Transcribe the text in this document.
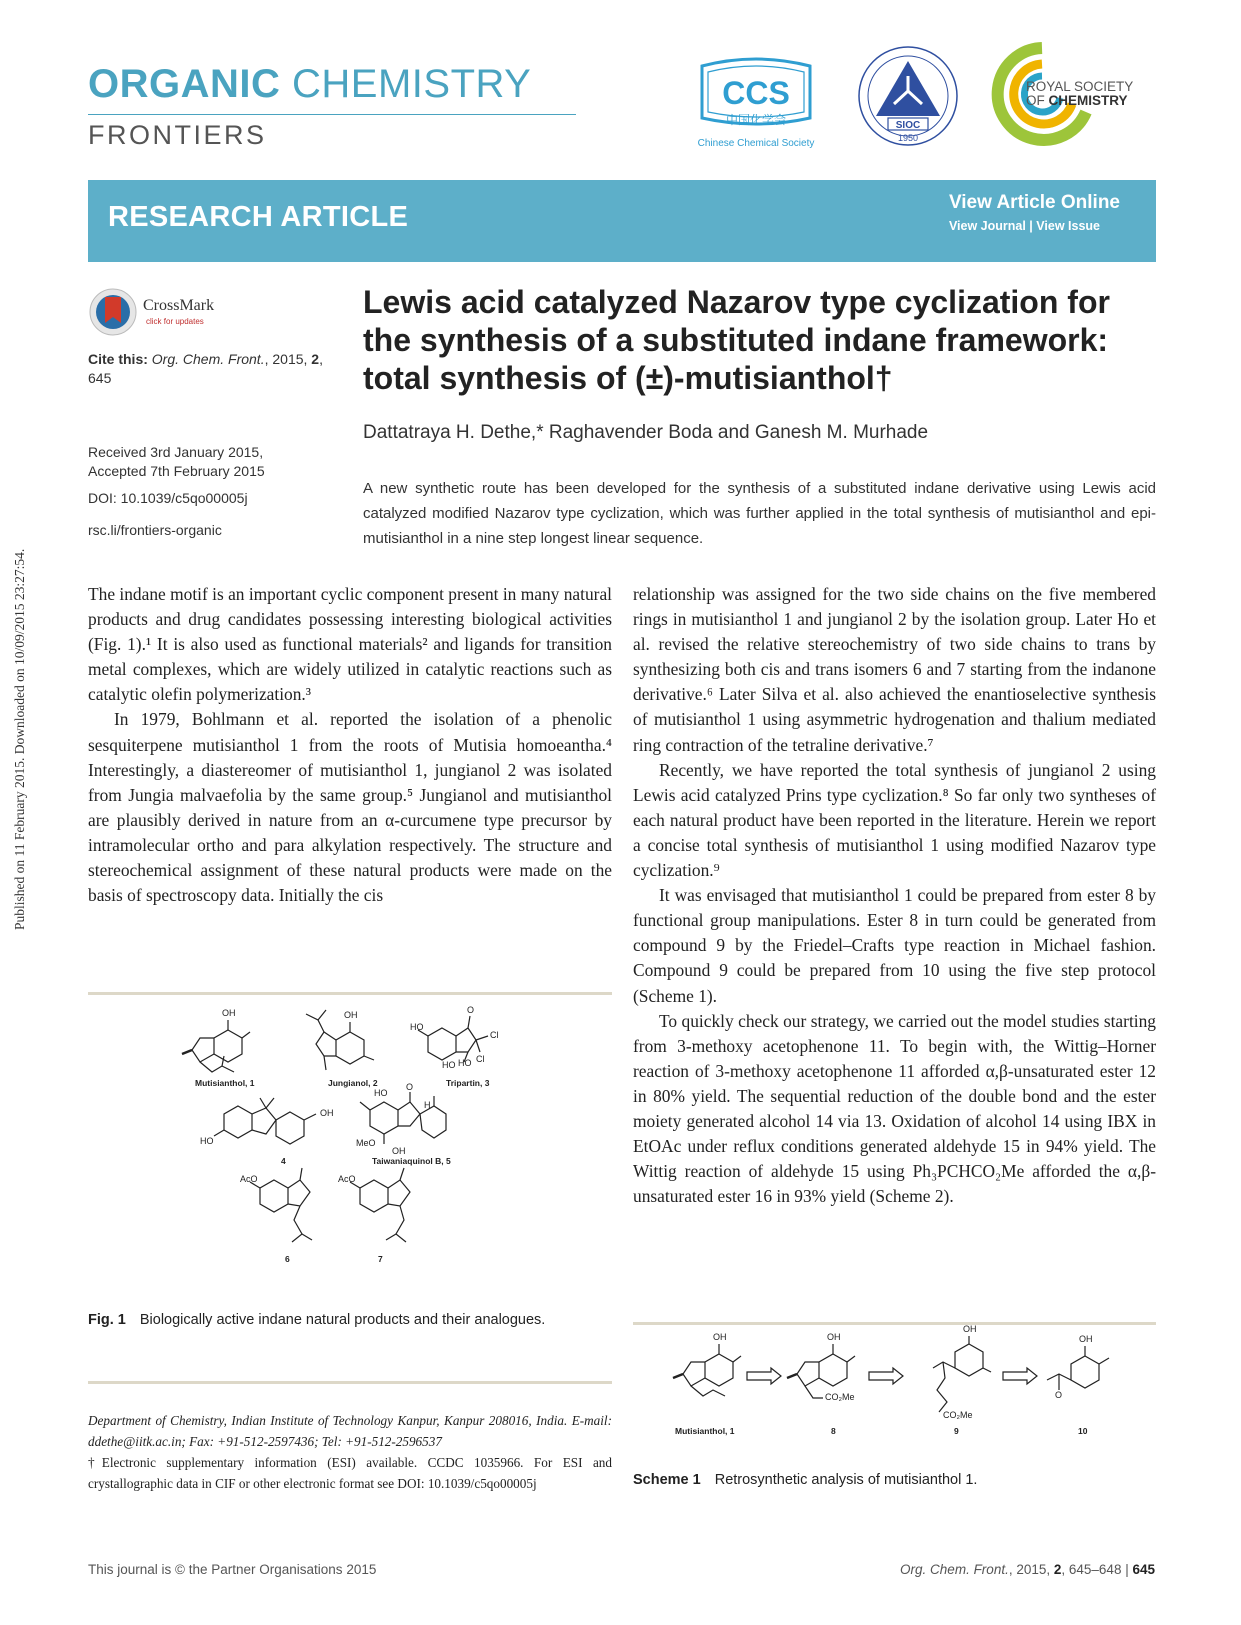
Published on 11 February 2015. Downloaded on 10/09/2015 23:27:54.
ORGANIC CHEMISTRY
FRONTIERS
CCS
中国化学会
Chinese Chemical Society
SIOC
1950
ROYAL SOCIETY
OF CHEMISTRY
RESEARCH ARTICLE	View Article Online
View Journal | View Issue
CrossMark
click for updates
Cite this: Org. Chem. Front., 2015, 2, 645
Received 3rd January 2015,
Accepted 7th February 2015
DOI: 10.1039/c5qo00005j
rsc.li/frontiers-organic
Lewis acid catalyzed Nazarov type cyclization for the synthesis of a substituted indane framework: total synthesis of (±)-mutisianthol†
Dattatraya H. Dethe,* Raghavender Boda and Ganesh M. Murhade
A new synthetic route has been developed for the synthesis of a substituted indane derivative using Lewis acid catalyzed modified Nazarov type cyclization, which was further applied in the total synthesis of mutisianthol and epi-mutisianthol in a nine step longest linear sequence.

The indane motif is an important cyclic component present in many natural products and drug candidates possessing interesting biological activities (Fig. 1).¹ It is also used as functional materials² and ligands for transition metal complexes, which are widely utilized in catalytic reactions such as catalytic olefin polymerization.³

In 1979, Bohlmann et al. reported the isolation of a phenolic sesquiterpene mutisianthol 1 from the roots of Mutisia homoeantha.⁴ Interestingly, a diastereomer of mutisianthol 1, jungianol 2 was isolated from Jungia malvaefolia by the same group.⁵ Jungianol and mutisianthol are plausibly derived in nature from an α-curcumene type precursor by intramolecular ortho and para alkylation respectively. The structure and stereochemical assignment of these natural products were made on the basis of spectroscopy data. Initially the cis

relationship was assigned for the two side chains on the five membered rings in mutisianthol 1 and jungianol 2 by the isolation group. Later Ho et al. revised the relative stereochemistry of two side chains to trans by synthesizing both cis and trans isomers 6 and 7 starting from the indanone derivative.⁶ Later Silva et al. also achieved the enantioselective synthesis of mutisianthol 1 using asymmetric hydrogenation and thalium mediated ring contraction of the tetraline derivative.⁷

Recently, we have reported the total synthesis of jungianol 2 using Lewis acid catalyzed Prins type cyclization.⁸ So far only two syntheses of each natural product have been reported in the literature. Herein we report a concise total synthesis of mutisianthol 1 using modified Nazarov type cyclization.⁹

It was envisaged that mutisianthol 1 could be prepared from ester 8 by functional group manipulations. Ester 8 in turn could be generated from compound 9 by the Friedel–Crafts type reaction in Michael fashion. Compound 9 could be prepared from 10 using the five step protocol (Scheme 1).

To quickly check our strategy, we carried out the model studies starting from 3-methoxy acetophenone 11. To begin with, the Wittig–Horner reaction of 3-methoxy acetophenone 11 afforded α,β-unsaturated ester 12 in 80% yield. The sequential reduction of the double bond and the ester moiety generated alcohol 14 via 13. Oxidation of alcohol 14 using IBX in EtOAc under reflux conditions generated aldehyde 15 in 94% yield. The Wittig reaction of aldehyde 15 using Ph₃PCHCO₂Me afforded the α,β-unsaturated ester 16 in 93% yield (Scheme 2).

OH	OH
HO
O
Cl
Cl
HO HO
OH
HO
HO
O
H
MeO
OH
AcO	AcO
Mutisianthol, 1	Jungianol, 2	Tripartin, 3
4	Taiwaniaquinol B, 5
6	7
Fig. 1 Biologically active indane natural products and their analogues.
Department of Chemistry, Indian Institute of Technology Kanpur, Kanpur 208016, India. E-mail: ddethe@iitk.ac.in; Fax: +91-512-2597436; Tel: +91-512-2596537
†Electronic supplementary information (ESI) available. CCDC 1035966. For ESI and crystallographic data in CIF or other electronic format see DOI: 10.1039/c5qo00005j
OH	OH
CO₂Me
OH
CO₂Me
OH
O
Mutisianthol, 1	8	9	10
Scheme 1 Retrosynthetic analysis of mutisianthol 1.
This journal is © the Partner Organisations 2015	Org. Chem. Front., 2015, 2, 645–648 | 645
